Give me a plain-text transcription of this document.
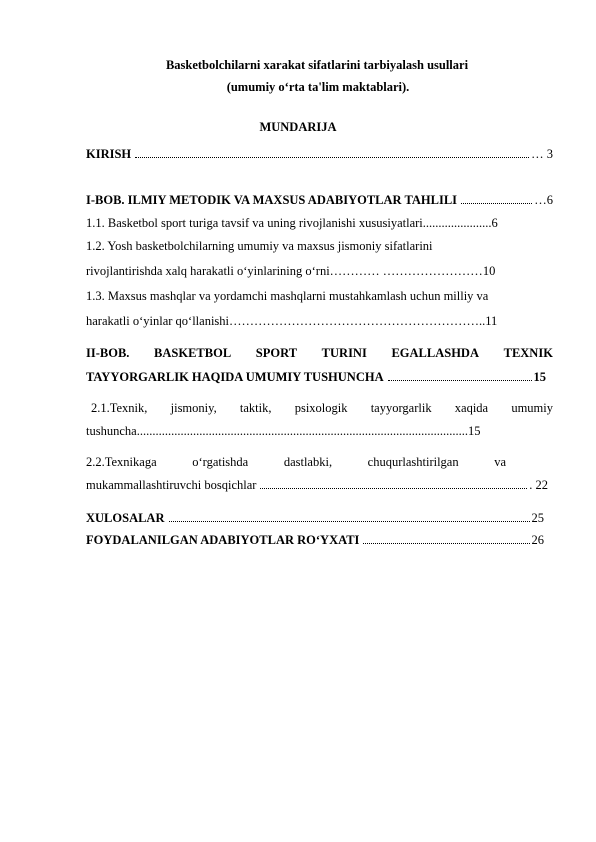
Basketbolchilarni xarakat sifatlarini tarbiyalash usullari
(umumiy o‘rta ta'lim maktablari).
MUNDARIJA
KIRISH	… 3
I-BOB. ILMIY METODIK VA MAXSUS ADABIYOTLAR TAHLILI	…6
1.1. Basketbol sport turiga tavsif va uning rivojlanishi xususiyatlari......................6
1.2. Yosh basketbolchilarning umumiy va maxsus jismoniy sifatlarini
rivojlantirishda xalq harakatli o‘yinlarining o‘rni………… ……………………10
1.3. Maxsus mashqlar va yordamchi mashqlarni mustahkamlash uchun milliy va
harakatli o‘yinlar qo‘llanishi……………………………………………………..11
II-BOB. BASKETBOL SPORT TURINI EGALLASHDA TEXNIK
TAYYORGARLIK HAQIDA UMUMIY TUSHUNCHA	15
2.1.Texnik, jismoniy, taktik, psixologik tayyorgarlik xaqida umumiy
tushuncha..........................................................................................................15
2.2.Texnikaga	o‘rgatishda	dastlabki,	chuqurlashtirilgan	va
mukammallashtiruvchi bosqichlar	. 22
XULOSALAR	25
FOYDALANILGAN ADABIYOTLAR RO‘YXATI	26
